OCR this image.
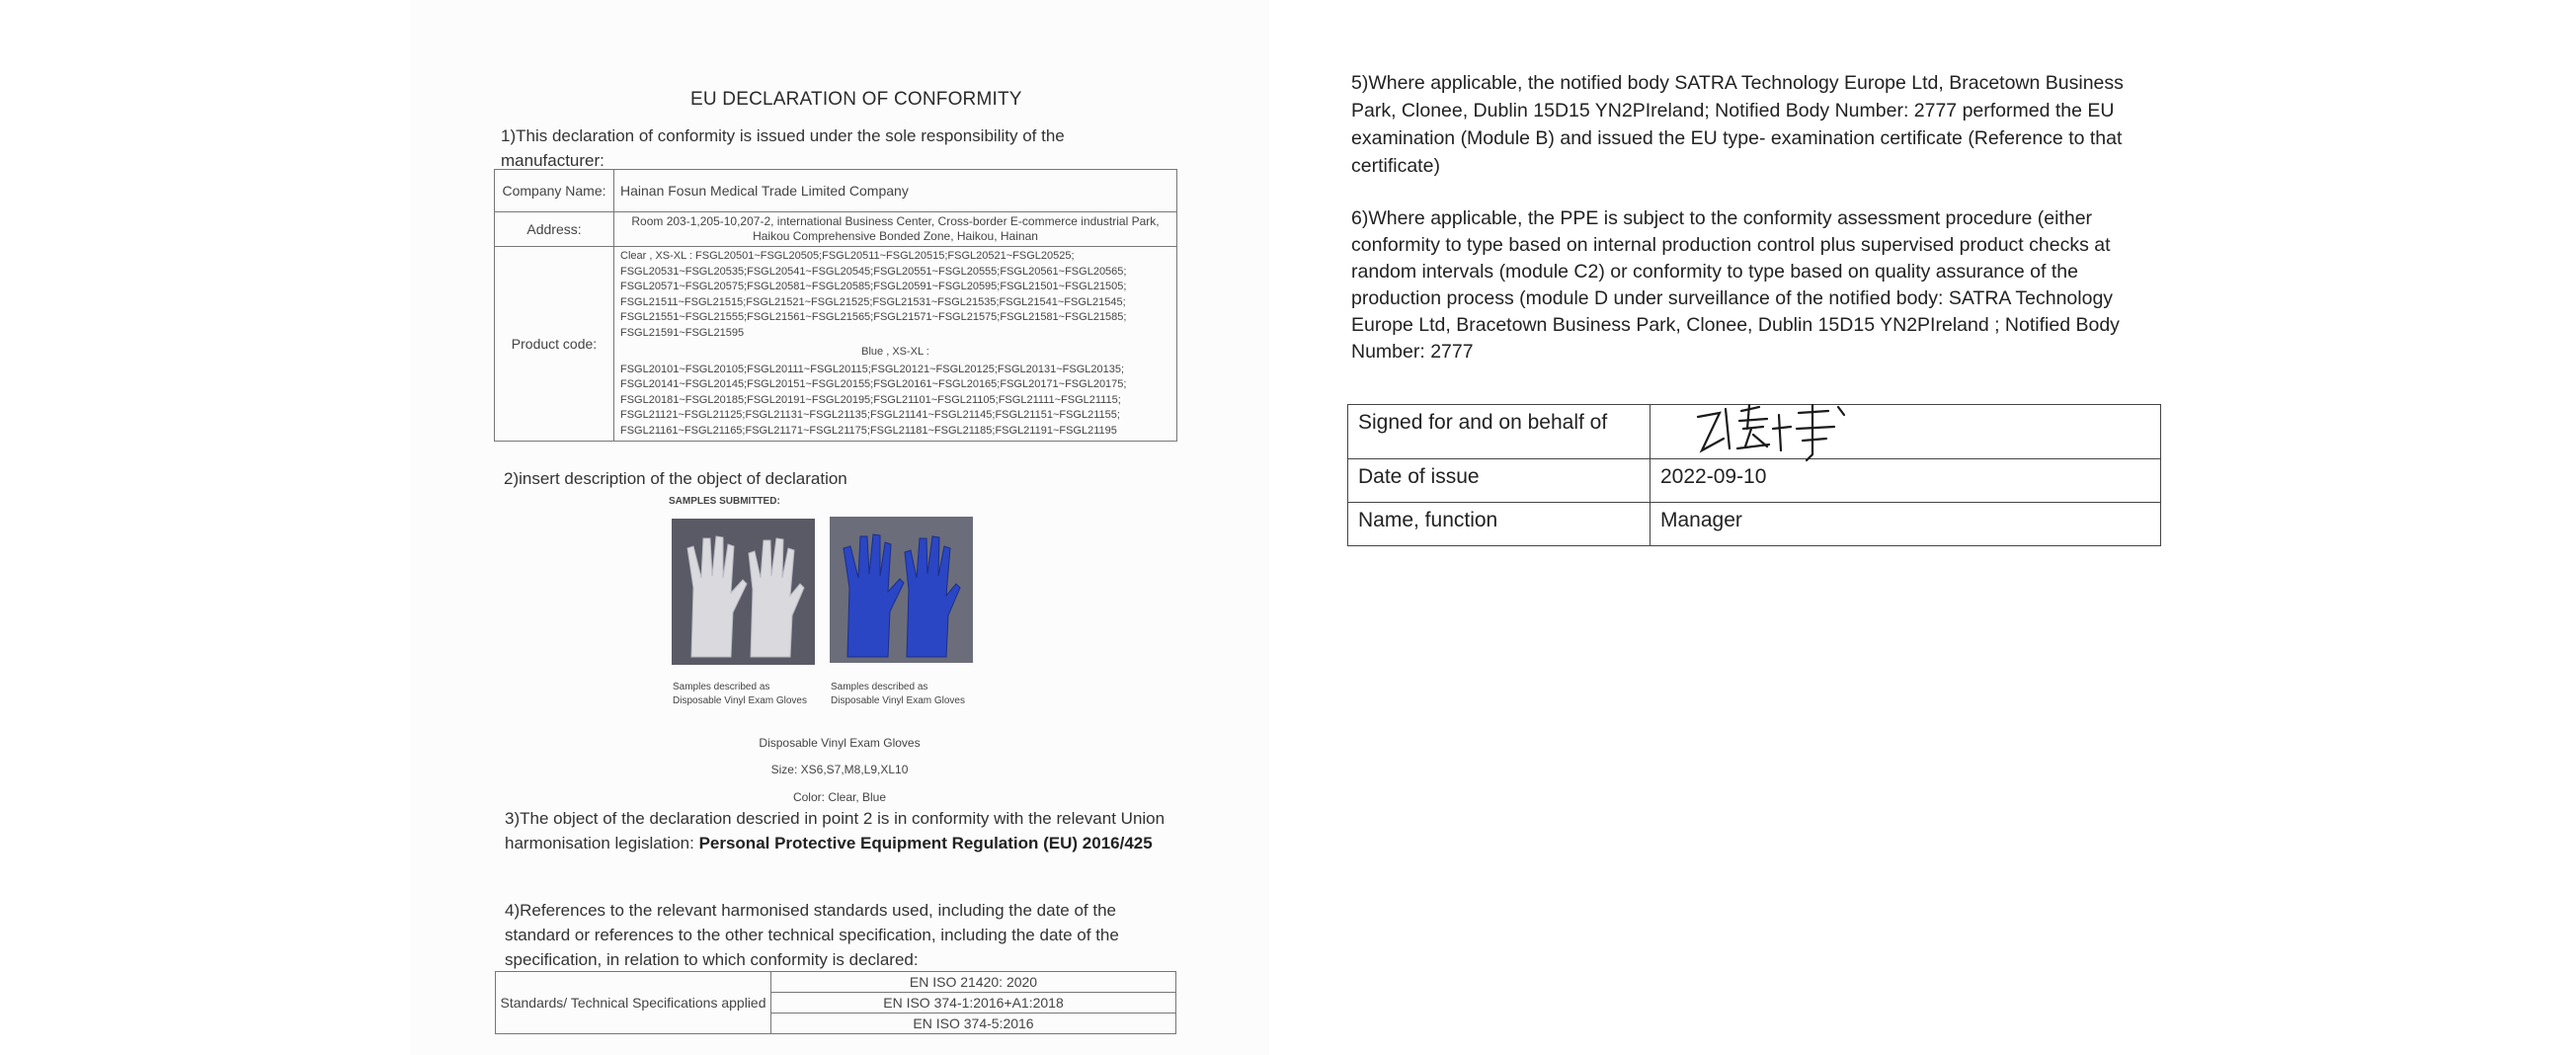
EU DECLARATION OF CONFORMITY
1)This declaration of conformity is issued under the sole responsibility of the manufacturer:
Company Name:	Hainan Fosun Medical Trade Limited Company
Address:	Room 203-1,205-10,207-2, international Business Center, Cross-border E-commerce industrial Park, Haikou Comprehensive Bonded Zone, Haikou, Hainan
Product code:	Clear , XS-XL : FSGL20501~FSGL20505;FSGL20511~FSGL20515;FSGL20521~FSGL20525; FSGL20531~FSGL20535;FSGL20541~FSGL20545;FSGL20551~FSGL20555;FSGL20561~FSGL20565; FSGL20571~FSGL20575;FSGL20581~FSGL20585;FSGL20591~FSGL20595;FSGL21501~FSGL21505; FSGL21511~FSGL21515;FSGL21521~FSGL21525;FSGL21531~FSGL21535;FSGL21541~FSGL21545; FSGL21551~FSGL21555;FSGL21561~FSGL21565;FSGL21571~FSGL21575;FSGL21581~FSGL21585; FSGL21591~FSGL21595
Blue , XS-XL :
FSGL20101~FSGL20105;FSGL20111~FSGL20115;FSGL20121~FSGL20125;FSGL20131~FSGL20135; FSGL20141~FSGL20145;FSGL20151~FSGL20155;FSGL20161~FSGL20165;FSGL20171~FSGL20175; FSGL20181~FSGL20185;FSGL20191~FSGL20195;FSGL21101~FSGL21105;FSGL21111~FSGL21115; FSGL21121~FSGL21125;FSGL21131~FSGL21135;FSGL21141~FSGL21145;FSGL21151~FSGL21155; FSGL21161~FSGL21165;FSGL21171~FSGL21175;FSGL21181~FSGL21185;FSGL21191~FSGL21195
2)insert description of the object of declaration
SAMPLES SUBMITTED:
Samples described as Disposable Vinyl Exam Gloves
Samples described as Disposable Vinyl Exam Gloves
Disposable Vinyl Exam Gloves
Size: XS6,S7,M8,L9,XL10
Color: Clear, Blue
3)The object of the declaration descried in point 2 is in conformity with the relevant Union harmonisation legislation: Personal Protective Equipment Regulation (EU) 2016/425
4)References to the relevant harmonised standards used, including the date of the standard or references to the other technical specification, including the date of the specification, in relation to which conformity is declared:
Standards/ Technical Specifications applied	EN ISO 21420: 2020
EN ISO 374-1:2016+A1:2018
EN ISO 374-5:2016
5)Where applicable, the notified body SATRA Technology Europe Ltd, Bracetown Business Park, Clonee, Dublin 15D15 YN2PIreland; Notified Body Number: 2777 performed the EU examination (Module B) and issued the EU type- examination certificate (Reference to that certificate)
6)Where applicable, the PPE is subject to the conformity assessment procedure (either conformity to type based on internal production control plus supervised product checks at random intervals (module C2) or conformity to type based on quality assurance of the production process (module D under surveillance of the notified body: SATRA Technology Europe Ltd, Bracetown Business Park, Clonee, Dublin 15D15 YN2PIreland ; Notified Body Number: 2777
Signed for and on behalf of	

Date of issue	2022-09-10
Name, function	Manager
